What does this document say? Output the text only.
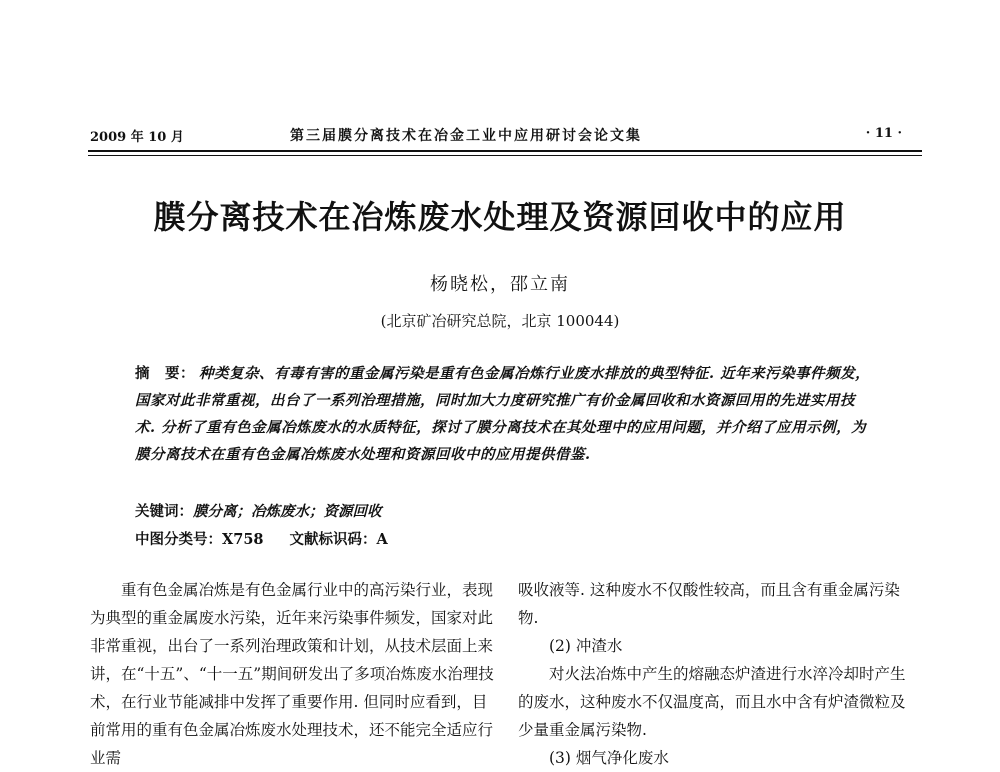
2009 年 10 月	第三届膜分离技术在冶金工业中应用研讨会论文集	· 11 ·
膜分离技术在冶炼废水处理及资源回收中的应用
杨晓松，邵立南
(北京矿冶研究总院，北京 100044)
摘　要： 种类复杂、有毒有害的重金属污染是重有色金属冶炼行业废水排放的典型特征. 近年来污染事件频发，国家对此非常重视，出台了一系列治理措施，同时加大力度研究推广有价金属回收和水资源回用的先进实用技术. 分析了重有色金属冶炼废水的水质特征，探讨了膜分离技术在其处理中的应用问题，并介绍了应用示例，为膜分离技术在重有色金属冶炼废水处理和资源回收中的应用提供借鉴.
关键词：膜分离；冶炼废水；资源回收
中图分类号：X758 文献标识码：A

重有色金属冶炼是有色金属行业中的高污染行业，表现为典型的重金属废水污染，近年来污染事件频发，国家对此非常重视，出台了一系列治理政策和计划，从技术层面上来讲，在“十五”、“十一五”期间研发出了多项冶炼废水治理技术，在行业节能减排中发挥了重要作用. 但同时应看到，目前常用的重有色金属冶炼废水处理技术，还不能完全适应行业需

吸收液等. 这种废水不仅酸性较高，而且含有重金属污染物.

(2) 冲渣水

对火法冶炼中产生的熔融态炉渣进行水淬冷却时产生的废水，这种废水不仅温度高，而且水中含有炉渣微粒及少量重金属污染物.

(3) 烟气净化废水
